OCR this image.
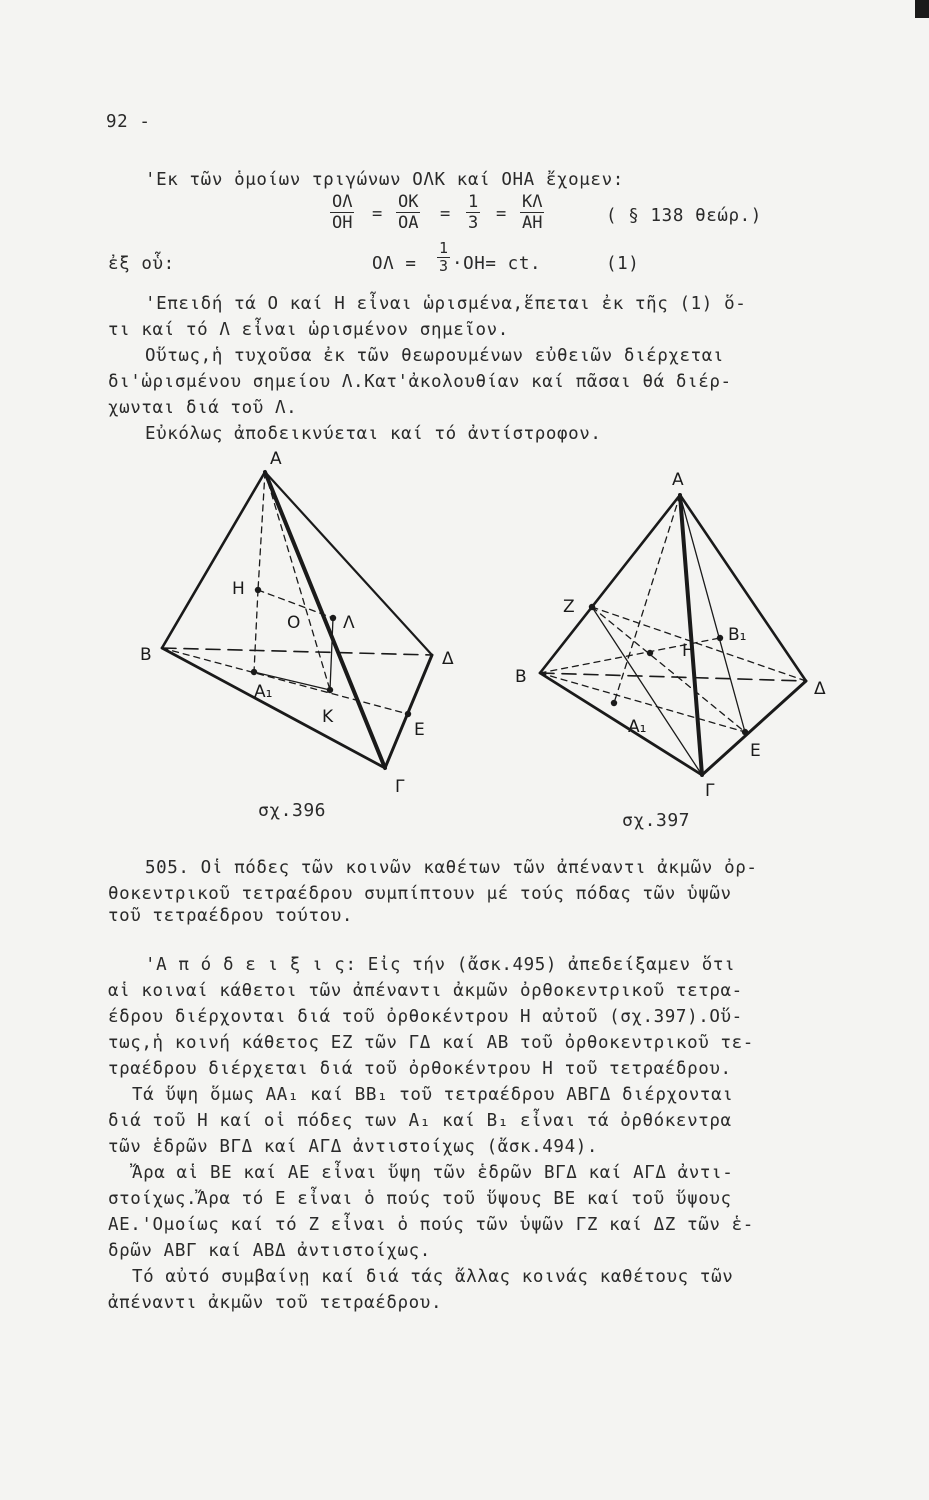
92 -
'Εκ τῶν ὁμοίων τριγώνων ΟΛΚ καί ΟΗΑ ἔχομεν:
$\frac{O\Lambda}{OH} = \frac{OK}{OA} = \frac{1}{3} = \frac{K\Lambda}{AH}$	( § 138 θεώρ.)
ἐξ οὗ:	$O\Lambda = \frac{1}{3} \cdot OH=$ ct.	(1)
'Επειδή τά Ο καί Η εἶναι ὡρισμένα,ἕπεται ἐκ τῆς (1) ὅ-
τι καί τό Λ εἶναι ὡρισμένον σημεῖον.
Οὕτως,ἡ τυχοῦσα ἐκ τῶν θεωρουμένων εὐθειῶν διέρχεται
δι'ὡρισμένου σημείου Λ.Κατ'ἀκολουθίαν καί πᾶσαι θά διέρ-
χωνται διά τοῦ Λ.
Εὐκόλως ἀποδεικνύεται καί τό ἀντίστροφον.
A
H
O	Λ
B	Δ
A₁
K
E
Γ
σχ.396
A
Z
B₁
H
B
Δ
A₁
E
Γ
σχ.397
505. Οἱ πόδες τῶν κοινῶν καθέτων τῶν ἀπέναντι ἀκμῶν ὀρ-
θοκεντρικοῦ τετραέδρου συμπίπτουν μέ τούς πόδας τῶν ὑψῶν
τοῦ τετραέδρου τούτου.
'Α π ό δ ε ι ξ ι ς: Εἰς τήν (ἄσκ.495) ἀπεδείξαμεν ὅτι
αἱ κοιναί κάθετοι τῶν ἀπέναντι ἀκμῶν ὀρθοκεντρικοῦ τετρα-
έδρου διέρχονται διά τοῦ ὀρθοκέντρου Η αὐτοῦ (σχ.397).Οὕ-
τως,ἡ κοινή κάθετος ΕΖ τῶν ΓΔ καί ΑΒ τοῦ ὀρθοκεντρικοῦ τε-
τραέδρου διέρχεται διά τοῦ ὀρθοκέντρου Η τοῦ τετραέδρου.
Τά ὕψη ὅμως ΑΑ₁ καί ΒΒ₁ τοῦ τετραέδρου ΑΒΓΔ διέρχονται
διά τοῦ Η καί οἱ πόδες των Α₁ καί Β₁ εἶναι τά ὀρθόκεντρα
τῶν ἑδρῶν ΒΓΔ καί ΑΓΔ ἀντιστοίχως (ἄσκ.494).
Ἄρα αἱ ΒΕ καί ΑΕ εἶναι ὕψη τῶν ἑδρῶν ΒΓΔ καί ΑΓΔ ἀντι-
στοίχως.Ἄρα τό Ε εἶναι ὁ πούς τοῦ ὕψους ΒΕ καί τοῦ ὕψους
ΑΕ.'Ομοίως καί τό Ζ εἶναι ὁ πούς τῶν ὑψῶν ΓΖ καί ΔΖ τῶν ἑ-
δρῶν ΑΒΓ καί ΑΒΔ ἀντιστοίχως.
Τό αὐτό συμβαίνῃ καί διά τάς ἄλλας κοινάς καθέτους τῶν
ἀπέναντι ἀκμῶν τοῦ τετραέδρου.
